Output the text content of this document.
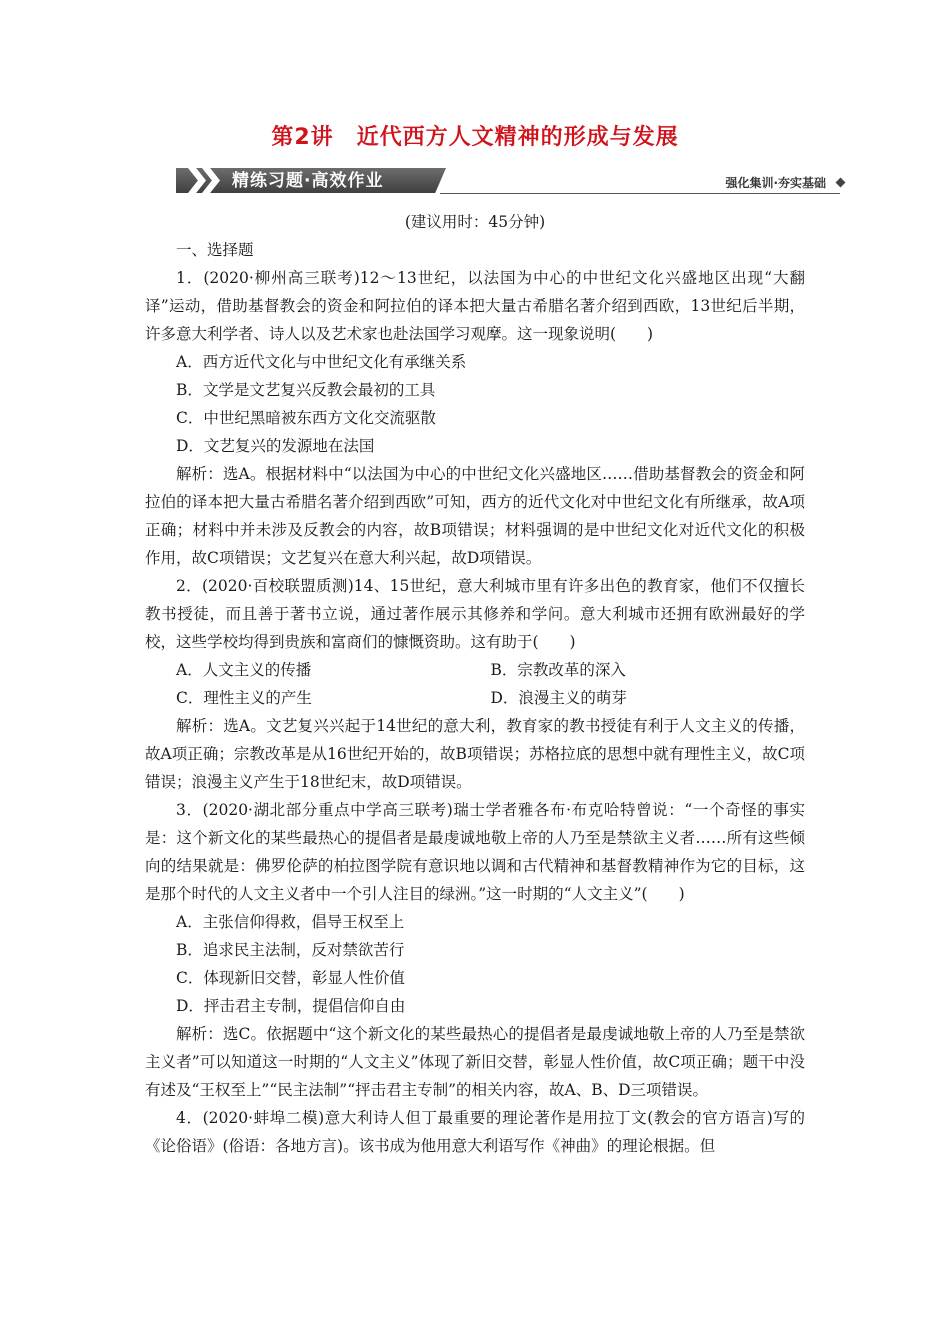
第2讲　近代西方人文精神的形成与发展
精练习题·高效作业	强化集训·夯实基础

(建议用时：45分钟)

一、选择题

1．(2020·柳州高三联考)12～13世纪，以法国为中心的中世纪文化兴盛地区出现“大翻译”运动，借助基督教会的资金和阿拉伯的译本把大量古希腊名著介绍到西欧，13世纪后半期，许多意大利学者、诗人以及艺术家也赴法国学习观摩。这一现象说明(　　)

A．西方近代文化与中世纪文化有承继关系

B．文学是文艺复兴反教会最初的工具

C．中世纪黑暗被东西方文化交流驱散

D．文艺复兴的发源地在法国

解析：选A。根据材料中“以法国为中心的中世纪文化兴盛地区……借助基督教会的资金和阿拉伯的译本把大量古希腊名著介绍到西欧”可知，西方的近代文化对中世纪文化有所继承，故A项正确；材料中并未涉及反教会的内容，故B项错误；材料强调的是中世纪文化对近代文化的积极作用，故C项错误；文艺复兴在意大利兴起，故D项错误。

2．(2020·百校联盟质测)14、15世纪，意大利城市里有许多出色的教育家，他们不仅擅长教书授徒，而且善于著书立说，通过著作展示其修养和学问。意大利城市还拥有欧洲最好的学校，这些学校均得到贵族和富商们的慷慨资助。这有助于(　　)

A．人文主义的传播	B．宗教改革的深入
C．理性主义的产生	D．浪漫主义的萌芽

解析：选A。文艺复兴兴起于14世纪的意大利，教育家的教书授徒有利于人文主义的传播，故A项正确；宗教改革是从16世纪开始的，故B项错误；苏格拉底的思想中就有理性主义，故C项错误；浪漫主义产生于18世纪末，故D项错误。

3．(2020·湖北部分重点中学高三联考)瑞士学者雅各布·布克哈特曾说：“一个奇怪的事实是：这个新文化的某些最热心的提倡者是最虔诚地敬上帝的人乃至是禁欲主义者……所有这些倾向的结果就是：佛罗伦萨的柏拉图学院有意识地以调和古代精神和基督教精神作为它的目标，这是那个时代的人文主义者中一个引人注目的绿洲。”这一时期的“人文主义”(　　)

A．主张信仰得救，倡导王权至上

B．追求民主法制，反对禁欲苦行

C．体现新旧交替，彰显人性价值

D．抨击君主专制，提倡信仰自由

解析：选C。依据题中“这个新文化的某些最热心的提倡者是最虔诚地敬上帝的人乃至是禁欲主义者”可以知道这一时期的“人文主义”体现了新旧交替，彰显人性价值，故C项正确；题干中没有述及“王权至上”“民主法制”“抨击君主专制”的相关内容，故A、B、D三项错误。

4．(2020·蚌埠二模)意大利诗人但丁最重要的理论著作是用拉丁文(教会的官方语言)写的《论俗语》(俗语：各地方言)。该书成为他用意大利语写作《神曲》的理论根据。但
